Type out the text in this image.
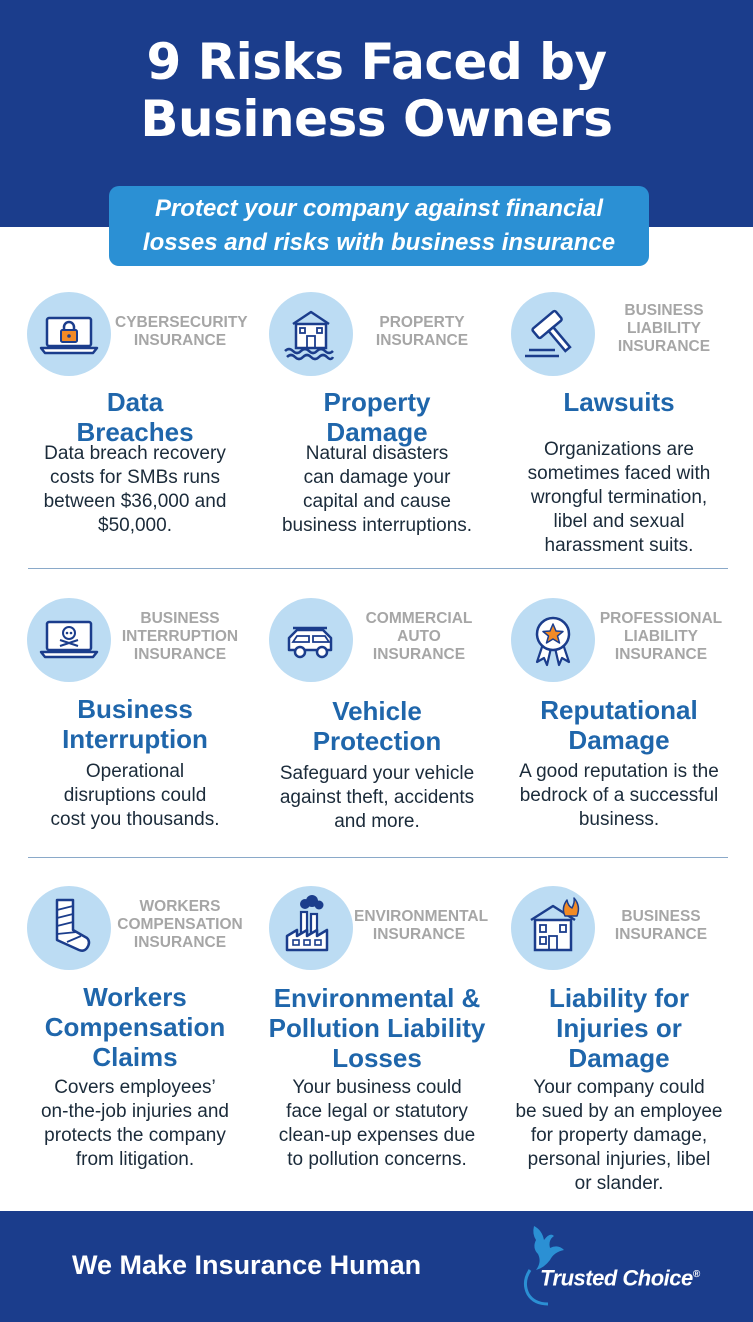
9 Risks Faced by
Business Owners
Protect your company against financial
losses and risks with business insurance
CYBERSECURITY
INSURANCE
Data
Breaches
Data breach recovery
costs for SMBs runs
between $36,000 and
$50,000.
PROPERTY
INSURANCE
Property
Damage
Natural disasters
can damage your
capital and cause
business interruptions.
BUSINESS
LIABILITY
INSURANCE
Lawsuits
Organizations are
sometimes faced with
wrongful termination,
libel and sexual
harassment suits.
BUSINESS
INTERRUPTION
INSURANCE
Business
Interruption
Operational
disruptions could
cost you thousands.
COMMERCIAL
AUTO
INSURANCE
Vehicle
Protection
Safeguard your vehicle
against theft, accidents
and more.
PROFESSIONAL
LIABILITY
INSURANCE
Reputational
Damage
A good reputation is the
bedrock of a successful
business.
WORKERS
COMPENSATION
INSURANCE
Workers
Compensation
Claims
Covers employees’
on-the-job injuries and
protects the company
from litigation.
ENVIRONMENTAL
INSURANCE
Environmental &
Pollution Liability
Losses
Your business could
face legal or statutory
clean-up expenses due
to pollution concerns.
BUSINESS
INSURANCE
Liability for
Injuries or
Damage
Your company could
be sued by an employee
for property damage,
personal injuries, libel
or slander.
We Make Insurance Human	Trusted Choice®
